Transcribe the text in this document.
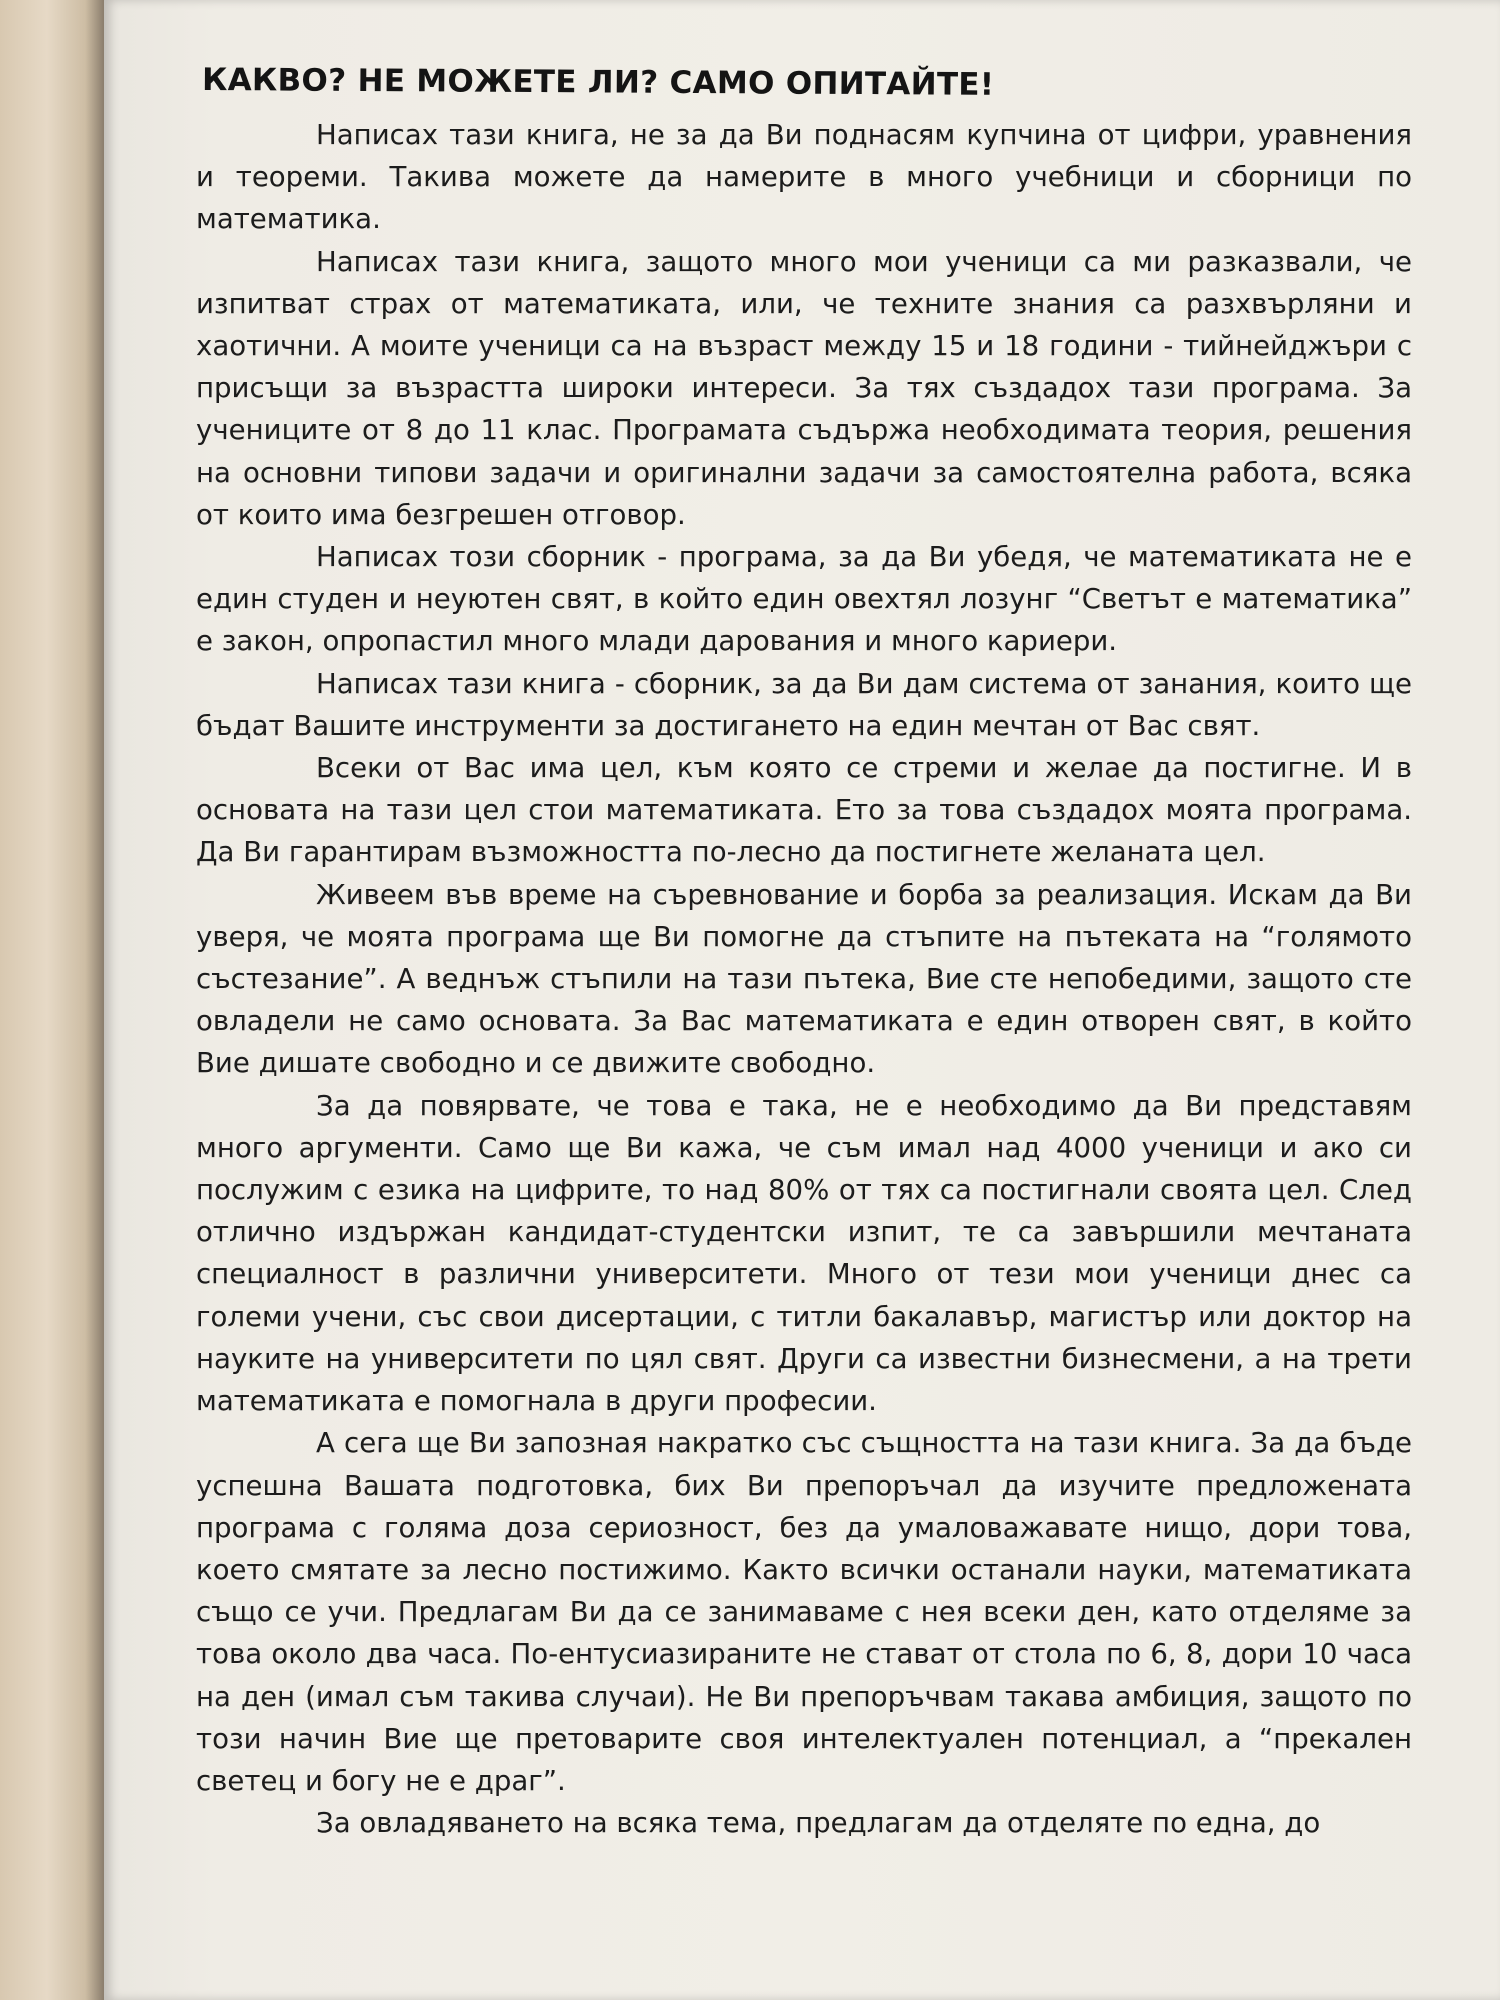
КАКВО? НЕ МОЖЕТЕ ЛИ? САМО ОПИТАЙТЕ!

Написах тази книга, не за да Ви поднасям купчина от цифри, уравнения и теореми. Такива можете да намерите в много учебници и сборници по математика.

Написах тази книга, защото много мои ученици са ми разказвали, че изпитват страх от математиката, или, че техните знания са разхвърляни и хаотични. А моите ученици са на възраст между 15 и 18 години - тийнейджъри с присъщи за възрастта широки интереси. За тях създадох тази програма. За учениците от 8 до 11 клас. Програмата съдържа необходимата теория, решения на основни типови задачи и оригинални задачи за самостоятелна работа, всяка от които има безгрешен отговор.

Написах този сборник - програма, за да Ви убедя, че математиката не е един студен и неуютен свят, в който един овехтял лозунг “Светът е математика” е закон, опропастил много млади дарования и много кариери.

Написах тази книга - сборник, за да Ви дам система от занания, които ще бъдат Вашите инструменти за достигането на един мечтан от Вас свят.

Всеки от Вас има цел, към която се стреми и желае да постигне. И в основата на тази цел стои математиката. Ето за това създадох моята програма. Да Ви гарантирам възможността по-лесно да постигнете желаната цел.

Живеем във време на съревнование и борба за реализация. Искам да Ви уверя, че моята програма ще Ви помогне да стъпите на пътеката на “голямото състезание”. А веднъж стъпили на тази пътека, Вие сте непобедими, защото сте овладели не само основата. За Вас математиката е един отворен свят, в който Вие дишате свободно и се движите свободно.

За да повярвате, че това е така, не е необходимо да Ви представям много аргументи. Само ще Ви кажа, че съм имал над 4000 ученици и ако си послужим с езика на цифрите, то над 80% от тях са постигнали своята цел. След отлично издържан кандидат-студентски изпит, те са завършили мечтаната специалност в различни университети. Много от тези мои ученици днес са големи учени, със свои дисертации, с титли бакалавър, магистър или доктор на науките на университети по цял свят. Други са известни бизнесмени, а на трети математиката е помогнала в други професии.

А сега ще Ви запозная накратко със същността на тази книга. За да бъде успешна Вашата подготовка, бих Ви препоръчал да изучите предложената програма с голяма доза сериозност, без да умаловажавате нищо, дори това, което смятате за лесно постижимо. Както всички останали науки, математиката също се учи. Предлагам Ви да се занимаваме с нея всеки ден, като отделяме за това около два часа. По-ентусиазираните не стават от стола по 6, 8, дори 10 часа на ден (имал съм такива случаи). Не Ви препоръчвам такава амбиция, защото по този начин Вие ще претоварите своя интелектуален потенциал, а “прекален светец и богу не е драг”.

За овладяването на всяка тема, предлагам да отделяте по една, до
